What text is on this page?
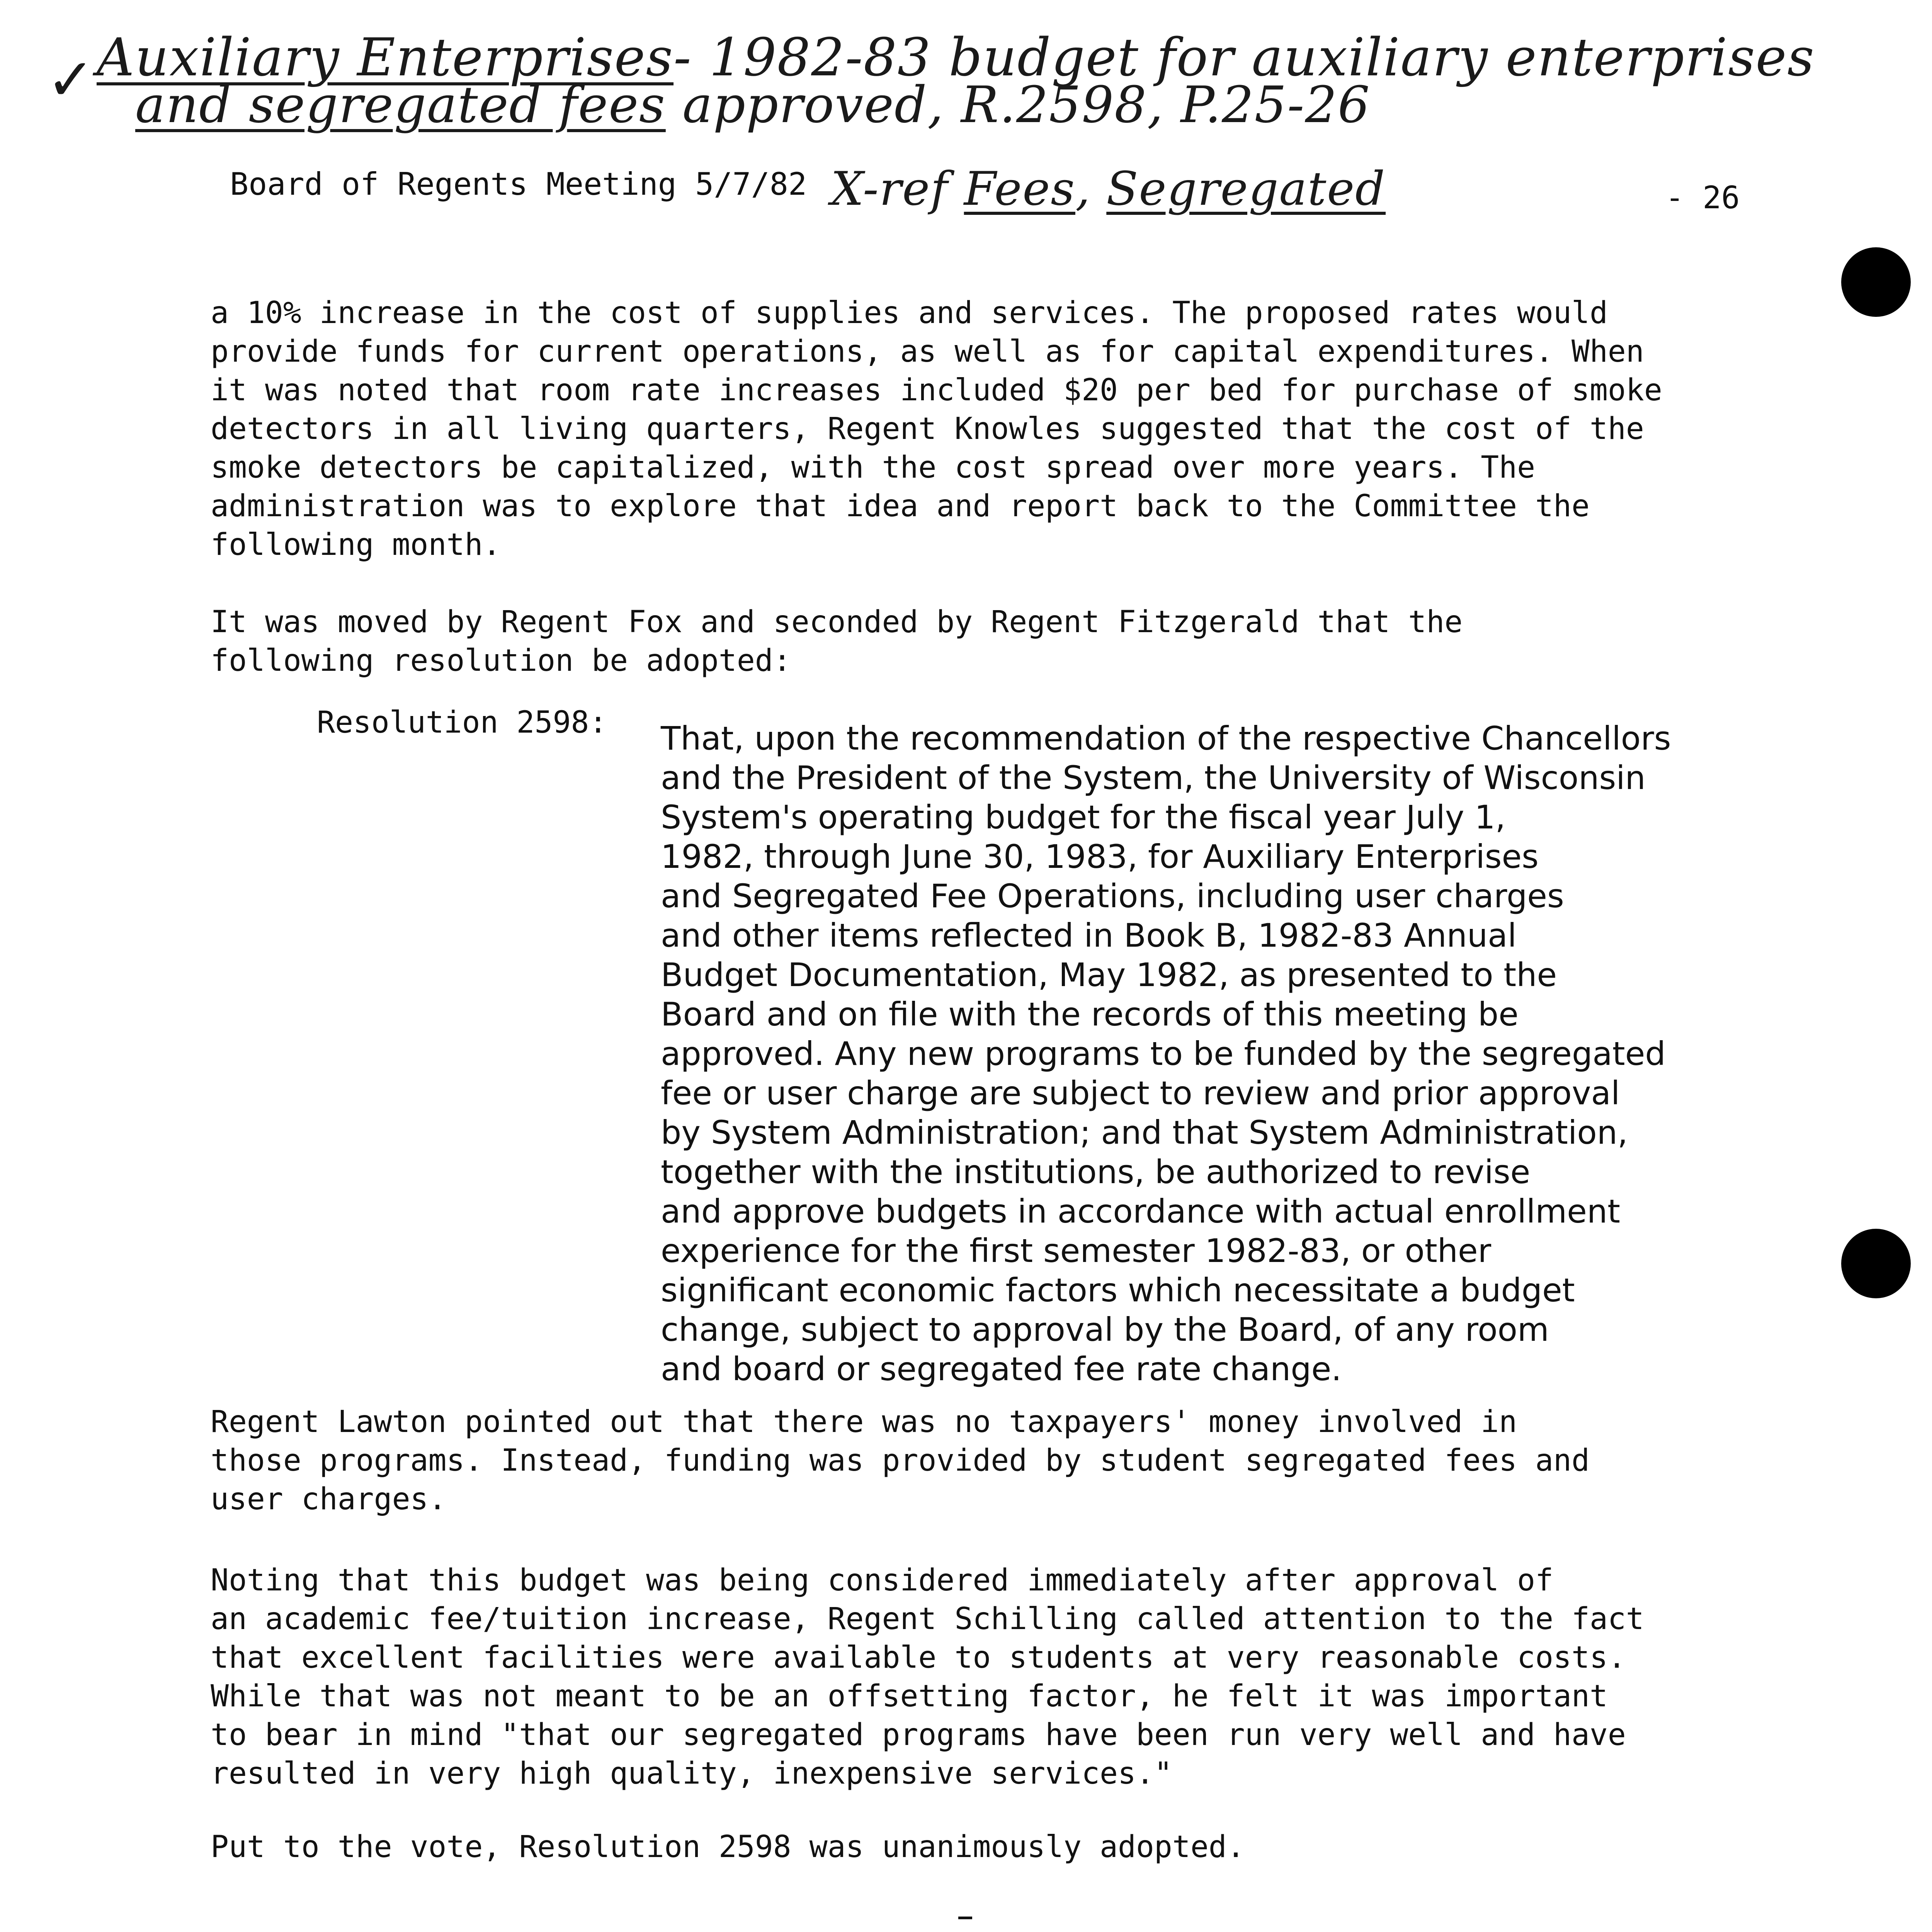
✓ Auxiliary Enterprises- 1982-83 budget for auxiliary enterprises
and segregated fees approved, R.2598, P.25-26
X-ref Fees, Segregated
Board of Regents Meeting 5/7/82	- 26

a 10% increase in the cost of supplies and services. The proposed rates would
provide funds for current operations, as well as for capital expenditures. When
it was noted that room rate increases included $20 per bed for purchase of smoke
detectors in all living quarters, Regent Knowles suggested that the cost of the
smoke detectors be capitalized, with the cost spread over more years. The
administration was to explore that idea and report back to the Committee the
following month.

It was moved by Regent Fox and seconded by Regent Fitzgerald that the
following resolution be adopted:

Resolution 2598: That, upon the recommendation of the respective Chancellors
and the President of the System, the University of Wisconsin
System's operating budget for the fiscal year July 1,
1982, through June 30, 1983, for Auxiliary Enterprises
and Segregated Fee Operations, including user charges
and other items reflected in Book B, 1982-83 Annual
Budget Documentation, May 1982, as presented to the
Board and on file with the records of this meeting be
approved. Any new programs to be funded by the segregated
fee or user charge are subject to review and prior approval
by System Administration; and that System Administration,
together with the institutions, be authorized to revise
and approve budgets in accordance with actual enrollment
experience for the first semester 1982-83, or other
significant economic factors which necessitate a budget
change, subject to approval by the Board, of any room
and board or segregated fee rate change.

Regent Lawton pointed out that there was no taxpayers' money involved in
those programs. Instead, funding was provided by student segregated fees and
user charges.

Noting that this budget was being considered immediately after approval of
an academic fee/tuition increase, Regent Schilling called attention to the fact
that excellent facilities were available to students at very reasonable costs.
While that was not meant to be an offsetting factor, he felt it was important
to bear in mind "that our segregated programs have been run very well and have
resulted in very high quality, inexpensive services."

Put to the vote, Resolution 2598 was unanimously adopted.
